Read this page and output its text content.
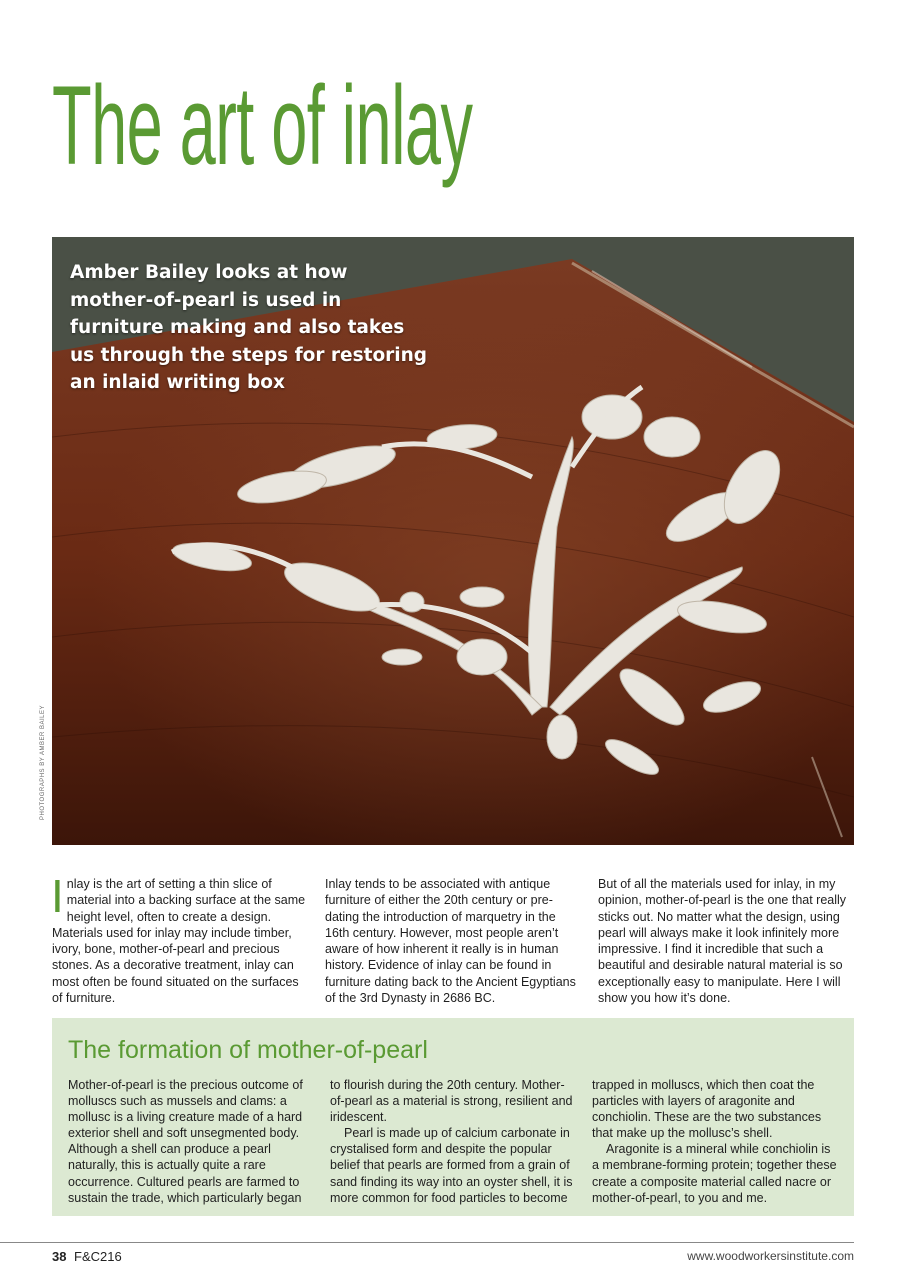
The art of inlay

Amber Bailey looks at how mother-of-pearl is used in furniture making and also takes us through the steps for restoring an inlaid writing box

PHOTOGRAPHS BY AMBER BAILEY
I nlay is the art of setting a thin slice of material into a backing surface at the same height level, often to create a design. Materials used for inlay may include timber, ivory, bone, mother-of-pearl and precious stones. As a decorative treatment, inlay can most often be found situated on the surfaces of furniture.

Inlay tends to be associated with antique furniture of either the 20th century or pre-dating the introduction of marquetry in the 16th century. However, most people aren’t aware of how inherent it really is in human history. Evidence of inlay can be found in furniture dating back to the Ancient Egyptians of the 3rd Dynasty in 2686 BC.

But of all the materials used for inlay, in my opinion, mother-of-pearl is the one that really sticks out. No matter what the design, using pearl will always make it look infinitely more impressive. I find it incredible that such a beautiful and desirable natural material is so exceptionally easy to manipulate. Here I will show you how it’s done.

The formation of mother-of-pearl

Mother-of-pearl is the precious outcome of molluscs such as mussels and clams: a mollusc is a living creature made of a hard exterior shell and soft unsegmented body. Although a shell can produce a pearl naturally, this is actually quite a rare occurrence. Cultured pearls are farmed to sustain the trade, which particularly began

to flourish during the 20th century. Mother-of-pearl as a material is strong, resilient and iridescent.

Pearl is made up of calcium carbonate in crystalised form and despite the popular belief that pearls are formed from a grain of sand finding its way into an oyster shell, it is more common for food particles to become

trapped in molluscs, which then coat the particles with layers of aragonite and conchiolin. These are the two substances that make up the mollusc’s shell.

Aragonite is a mineral while conchiolin is a membrane-forming protein; together these create a composite material called nacre or mother-of-pearl, to you and me.

38 F&C216	www.woodworkersinstitute.com
